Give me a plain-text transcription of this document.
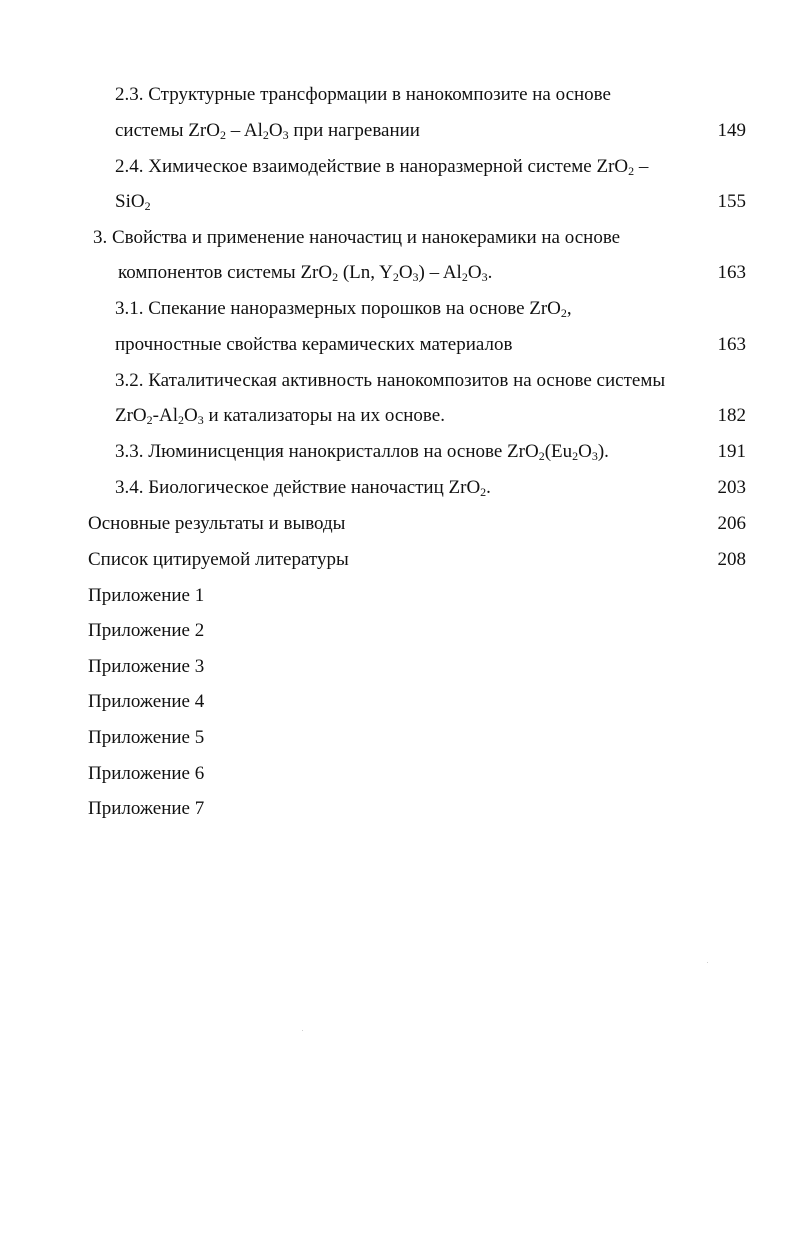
2.3. Структурные трансформации в нанокомпозите на основе
системы $ZrO_2 - Al_2O_3$ при нагревании	149
2.4. Химическое взаимодействие в наноразмерной системе ZrO$_2$ –
SiO$_2$	155
3. Свойства и применение наночастиц и нанокерамики на основе
компонентов системы ZrO$_2$ (Ln, $Y_2O_3) - Al_2O_3$.	163
3.1. Спекание наноразмерных порошков на основе ZrO$_2$,
прочностные свойства керамических материалов	163
3.2. Каталитическая активность нанокомпозитов на основе системы
$ZrO_2-Al_2O_3$ и катализаторы на их основе.	182
3.3. Люминисценция нанокристаллов на основе $ZrO_2(Eu_2O_3)$.	191
3.4. Биологическое действие наночастиц ZrO$_2$.	203
Основные результаты и выводы	206
Список цитируемой литературы	208
Приложение 1
Приложение 2
Приложение 3
Приложение 4
Приложение 5
Приложение 6
Приложение 7
